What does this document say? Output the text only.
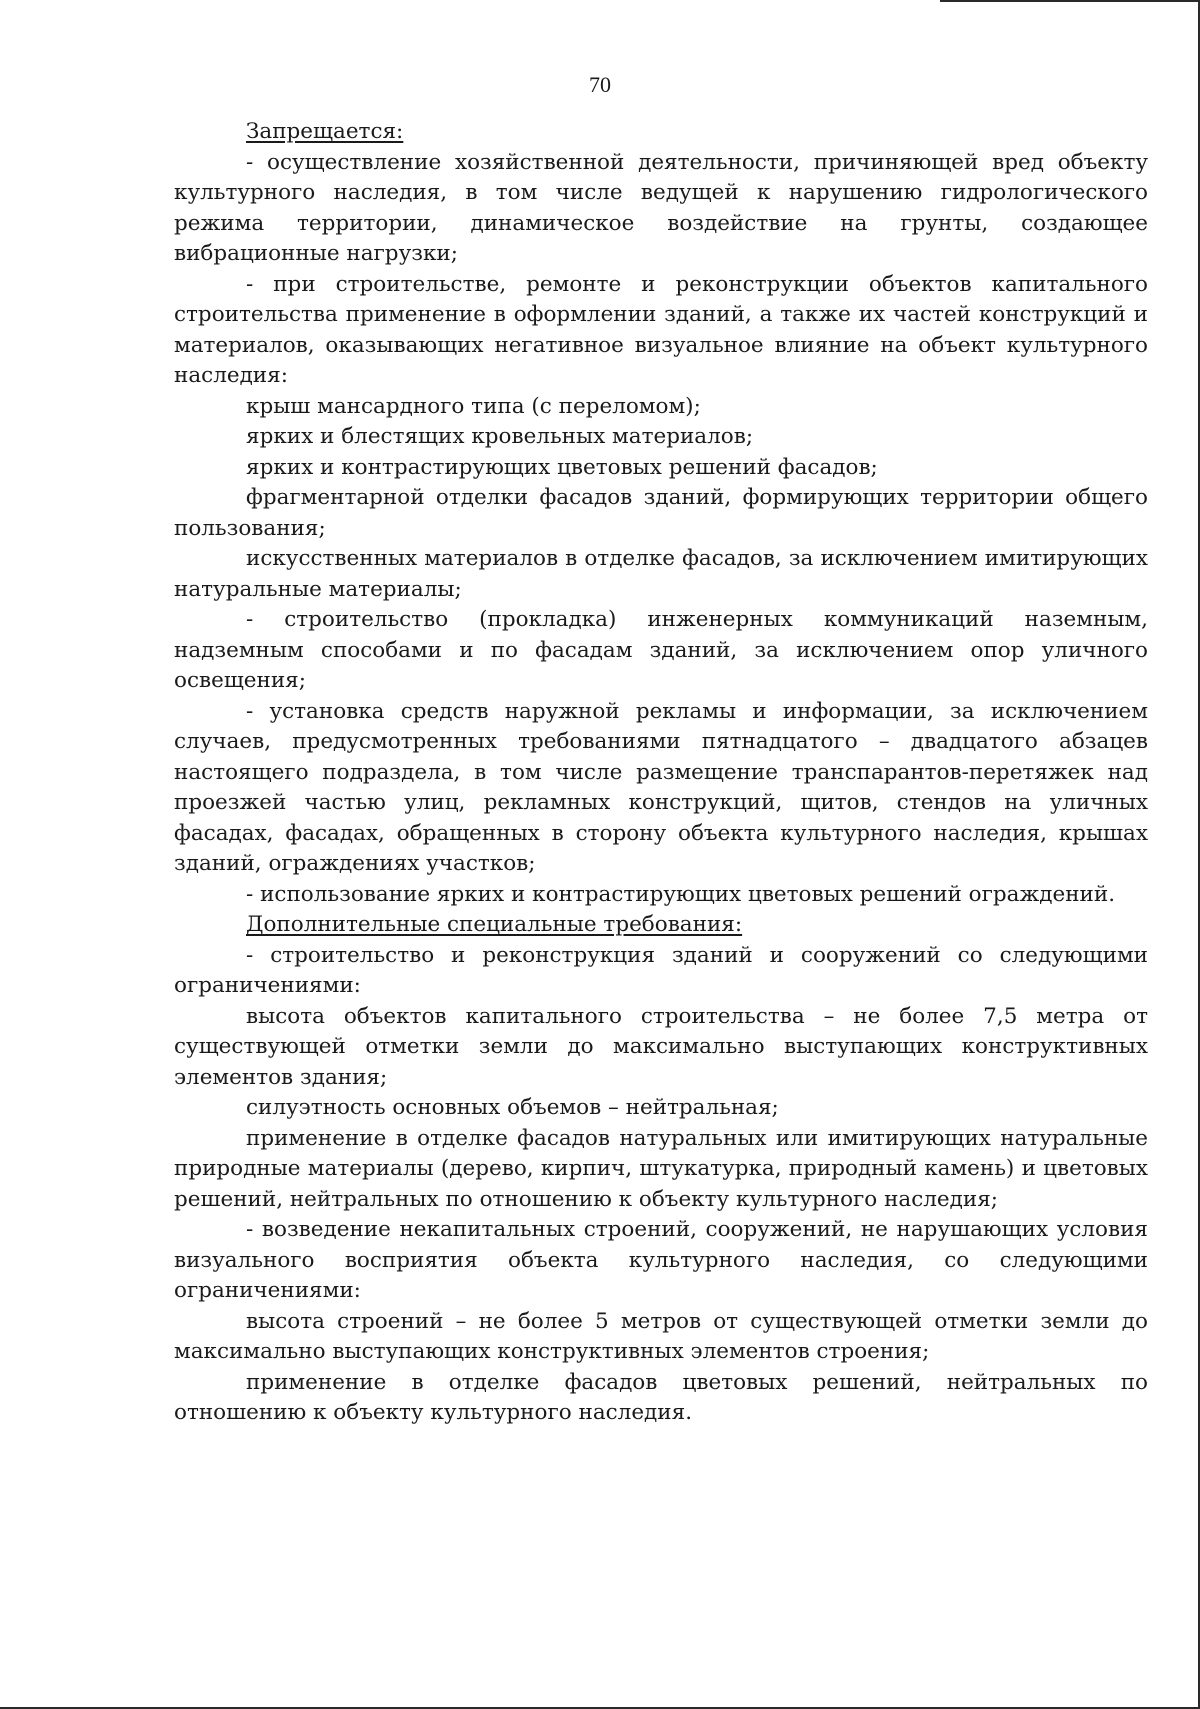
70

Запрещается:

- осуществление хозяйственной деятельности, причиняющей вред объекту культурного наследия, в том числе ведущей к нарушению гидрологического режима территории, динамическое воздействие на грунты, создающее вибрационные нагрузки;

- при строительстве, ремонте и реконструкции объектов капитального строительства применение в оформлении зданий, а также их частей конструкций и материалов, оказывающих негативное визуальное влияние на объект культурного наследия:

крыш мансардного типа (с переломом);

ярких и блестящих кровельных материалов;

ярких и контрастирующих цветовых решений фасадов;

фрагментарной отделки фасадов зданий, формирующих территории общего пользования;

искусственных материалов в отделке фасадов, за исключением имитирующих натуральные материалы;

- строительство (прокладка) инженерных коммуникаций наземным, надземным способами и по фасадам зданий, за исключением опор уличного освещения;

- установка средств наружной рекламы и информации, за исключением случаев, предусмотренных требованиями пятнадцатого – двадцатого абзацев настоящего подраздела, в том числе размещение транспарантов-перетяжек над проезжей частью улиц, рекламных конструкций, щитов, стендов на уличных фасадах, фасадах, обращенных в сторону объекта культурного наследия, крышах зданий, ограждениях участков;

- использование ярких и контрастирующих цветовых решений ограждений.

Дополнительные специальные требования:

- строительство и реконструкция зданий и сооружений со следующими ограничениями:

высота объектов капитального строительства – не более 7,5 метра от существующей отметки земли до максимально выступающих конструктивных элементов здания;

силуэтность основных объемов – нейтральная;

применение в отделке фасадов натуральных или имитирующих натуральные природные материалы (дерево, кирпич, штукатурка, природный камень) и цветовых решений, нейтральных по отношению к объекту культурного наследия;

- возведение некапитальных строений, сооружений, не нарушающих условия визуального восприятия объекта культурного наследия, со следующими ограничениями:

высота строений – не более 5 метров от существующей отметки земли до максимально выступающих конструктивных элементов строения;

применение в отделке фасадов цветовых решений, нейтральных по отношению к объекту культурного наследия.
